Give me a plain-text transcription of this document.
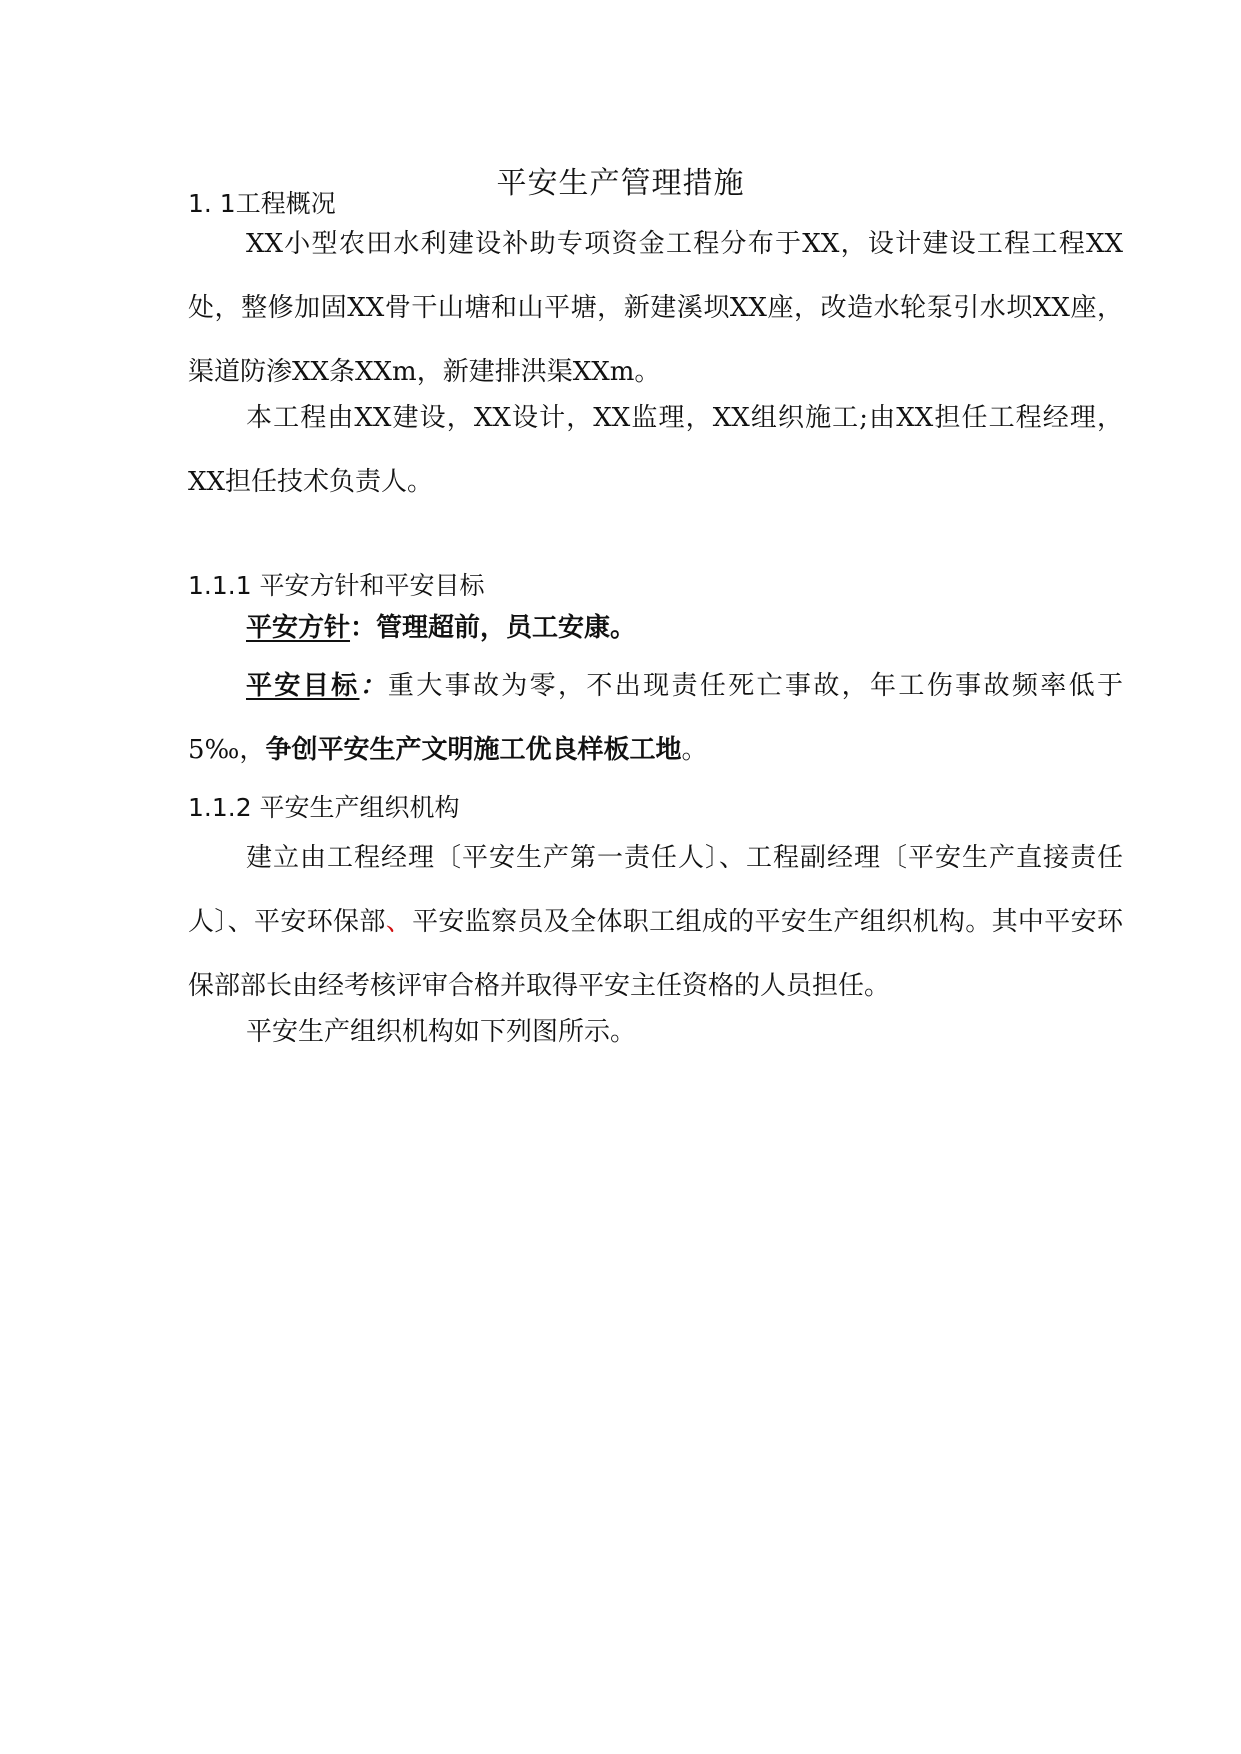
平安生产管理措施
1. 1工程概况

XX小型农田水利建设补助专项资金工程分布于XX，设计建设工程工程XX处，整修加固XX骨干山塘和山平塘，新建溪坝XX座，改造水轮泵引水坝XX座， 渠道防渗XX条XXm，新建排洪渠XXm。

本工程由XX建设，XX设计，XX监理，XX组织施工;由XX担任工程经理，XX担任技术负责人。

1.1.1 平安方针和平安目标

平安方针：管理超前，员工安康。

平安目标：重大事故为零，不出现责任死亡事故，年工伤事故频率低于 5‰，争创平安生产文明施工优良样板工地。

1.1.2 平安生产组织机构

建立由工程经理〔平安生产第一责任人〕、工程副经理〔平安生产直接责任人〕、平安环保部、平安监察员及全体职工组成的平安生产组织机构。其中平安环保部部长由经考核评审合格并取得平安主任资格的人员担任。

平安生产组织机构如下列图所示。
